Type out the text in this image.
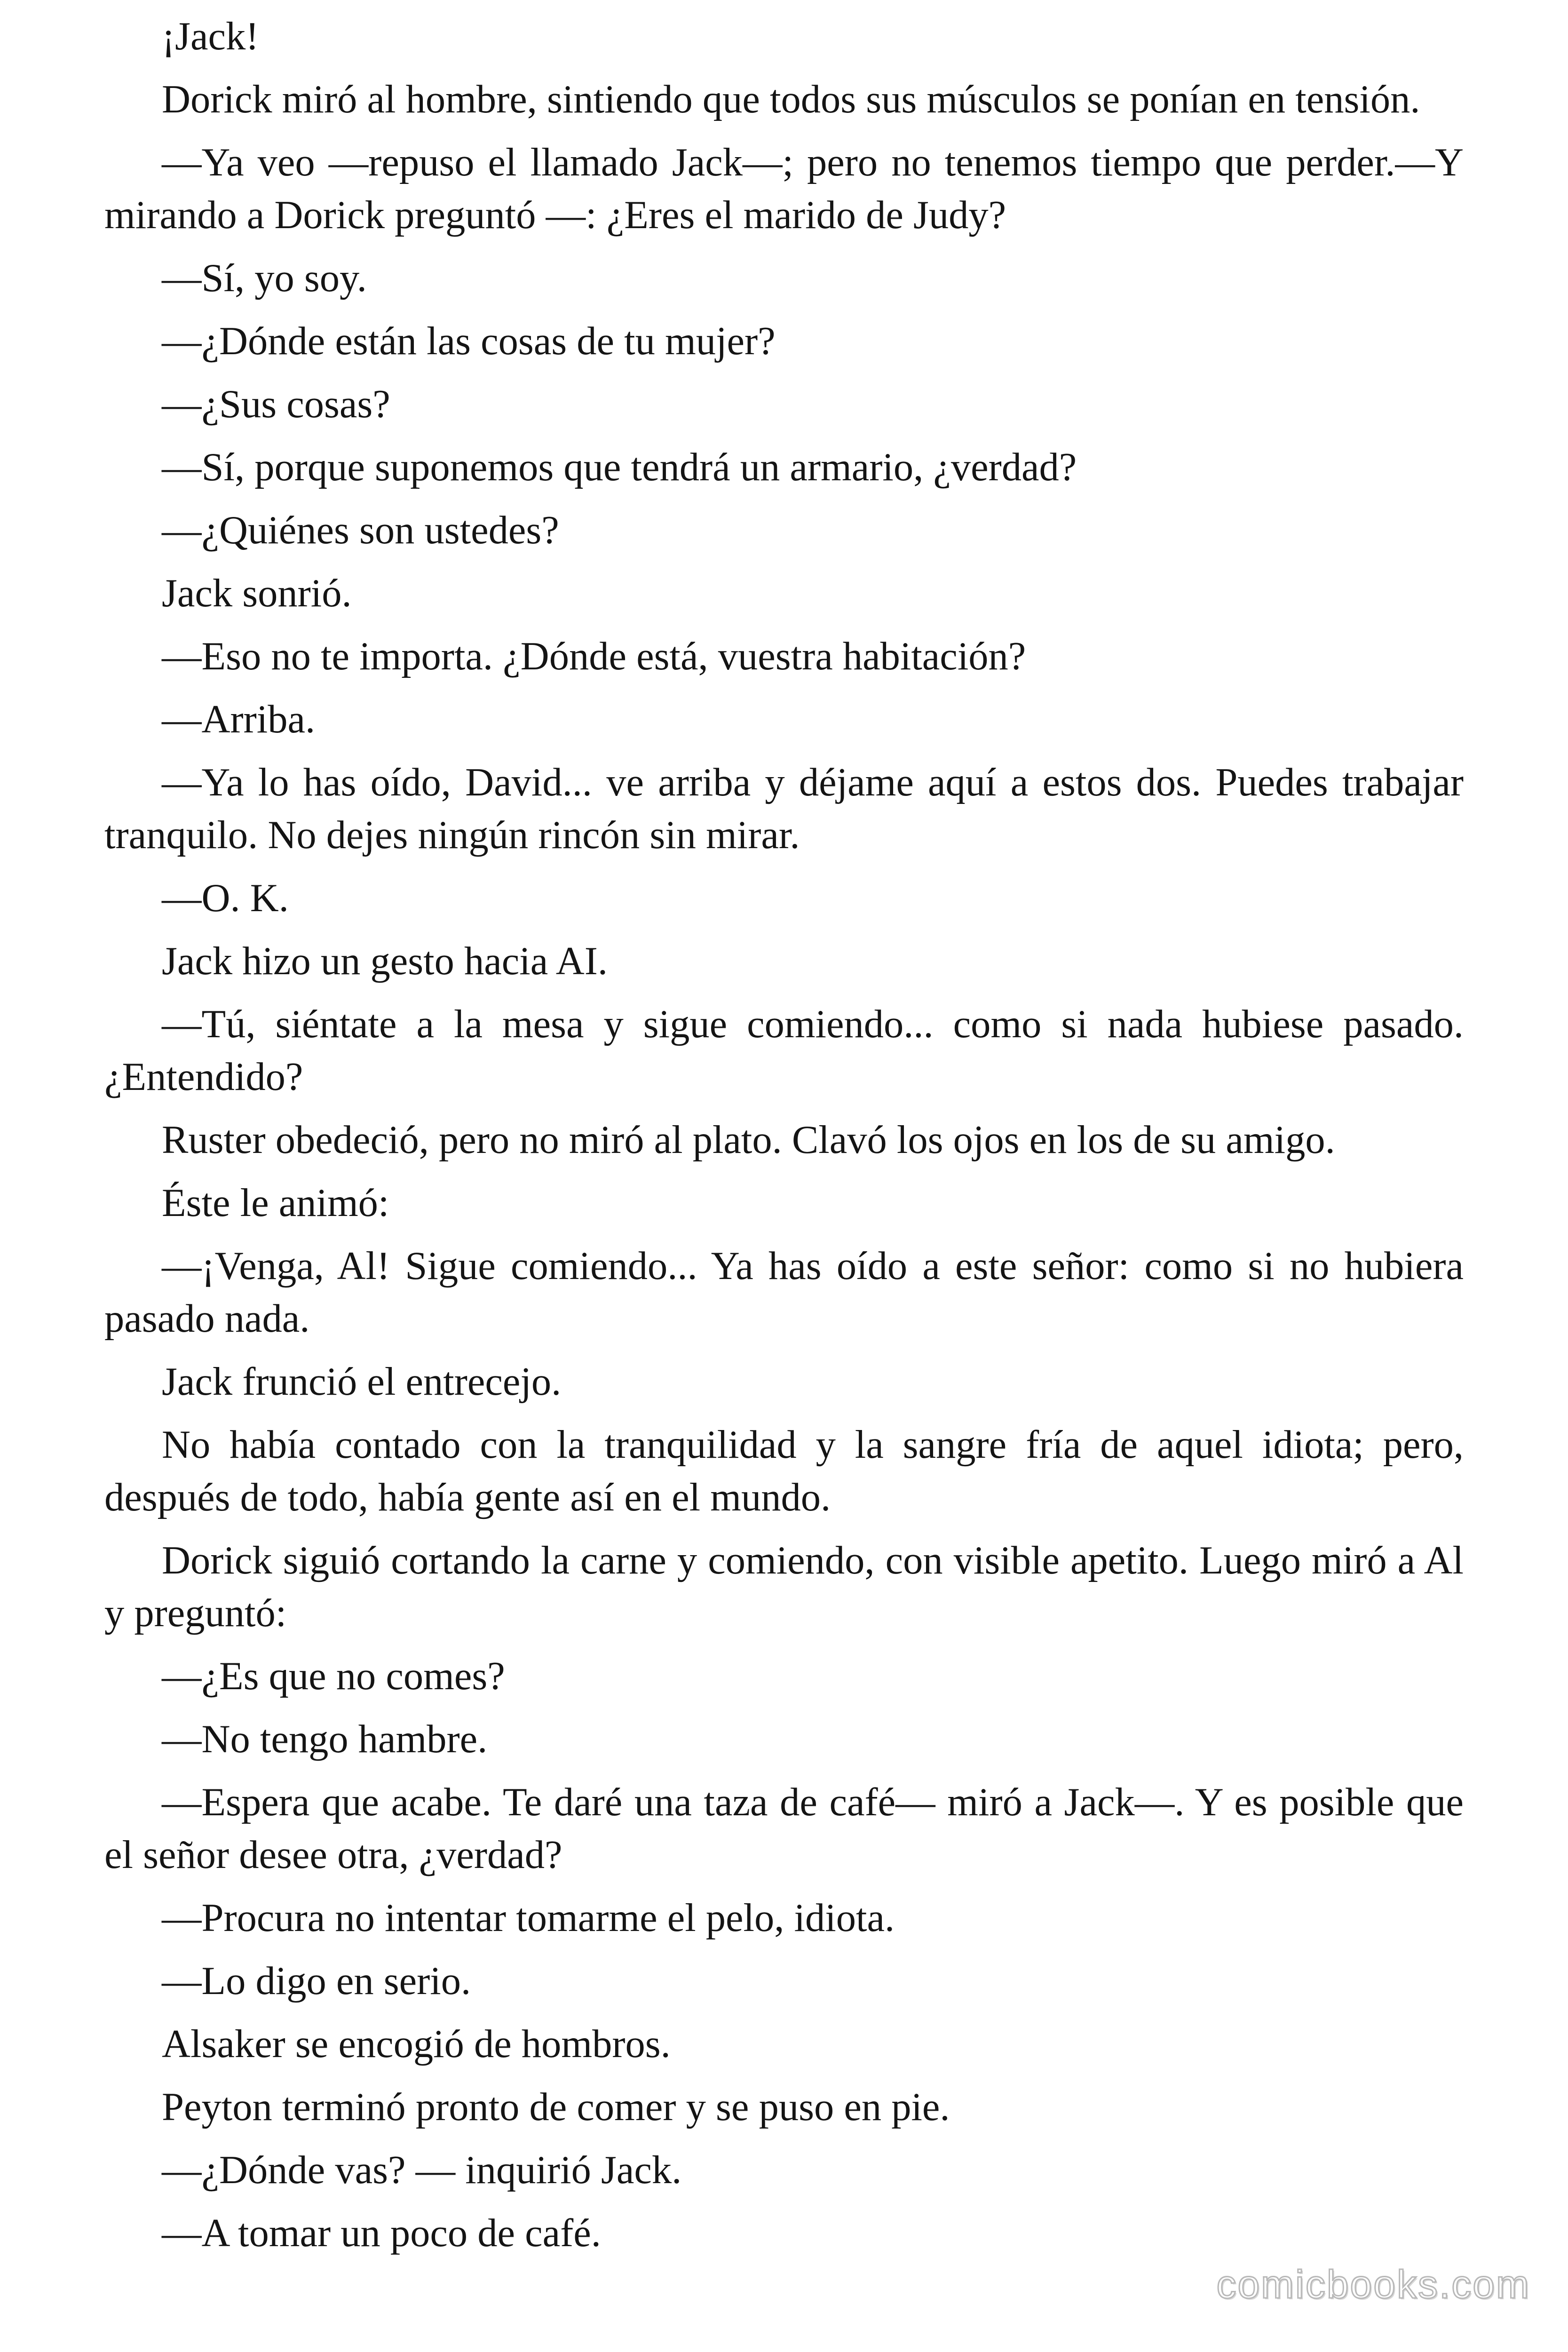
¡Jack!

Dorick miró al hombre, sintiendo que todos sus músculos se ponían en tensión.

—Ya veo —repuso el llamado Jack—; pero no tenemos tiempo que perder.—Y mirando a Dorick preguntó —: ¿Eres el marido de Judy?

—Sí, yo soy.

—¿Dónde están las cosas de tu mujer?

—¿Sus cosas?

—Sí, porque suponemos que tendrá un armario, ¿verdad?

—¿Quiénes son ustedes?

Jack sonrió.

—Eso no te importa. ¿Dónde está, vuestra habitación?

—Arriba.

—Ya lo has oído, David... ve arriba y déjame aquí a estos dos. Puedes trabajar tranquilo. No dejes ningún rincón sin mirar.

—O. K.

Jack hizo un gesto hacia AI.

—Tú, siéntate a la mesa y sigue comiendo... como si nada hubiese pasado. ¿Entendido?

Ruster obedeció, pero no miró al plato. Clavó los ojos en los de su amigo.

Éste le animó:

—¡Venga, Al! Sigue comiendo... Ya has oído a este señor: como si no hubiera pasado nada.

Jack frunció el entrecejo.

No había contado con la tranquilidad y la sangre fría de aquel idiota; pero, después de todo, había gente así en el mundo.

Dorick siguió cortando la carne y comiendo, con visible apetito. Luego miró a Al y preguntó:

—¿Es que no comes?

—No tengo hambre.

—Espera que acabe. Te daré una taza de café— miró a Jack—. Y es posible que el señor desee otra, ¿verdad?

—Procura no intentar tomarme el pelo, idiota.

—Lo digo en serio.

Alsaker se encogió de hombros.

Peyton terminó pronto de comer y se puso en pie.

—¿Dónde vas? — inquirió Jack.

—A tomar un poco de café.

comicbooks.com
